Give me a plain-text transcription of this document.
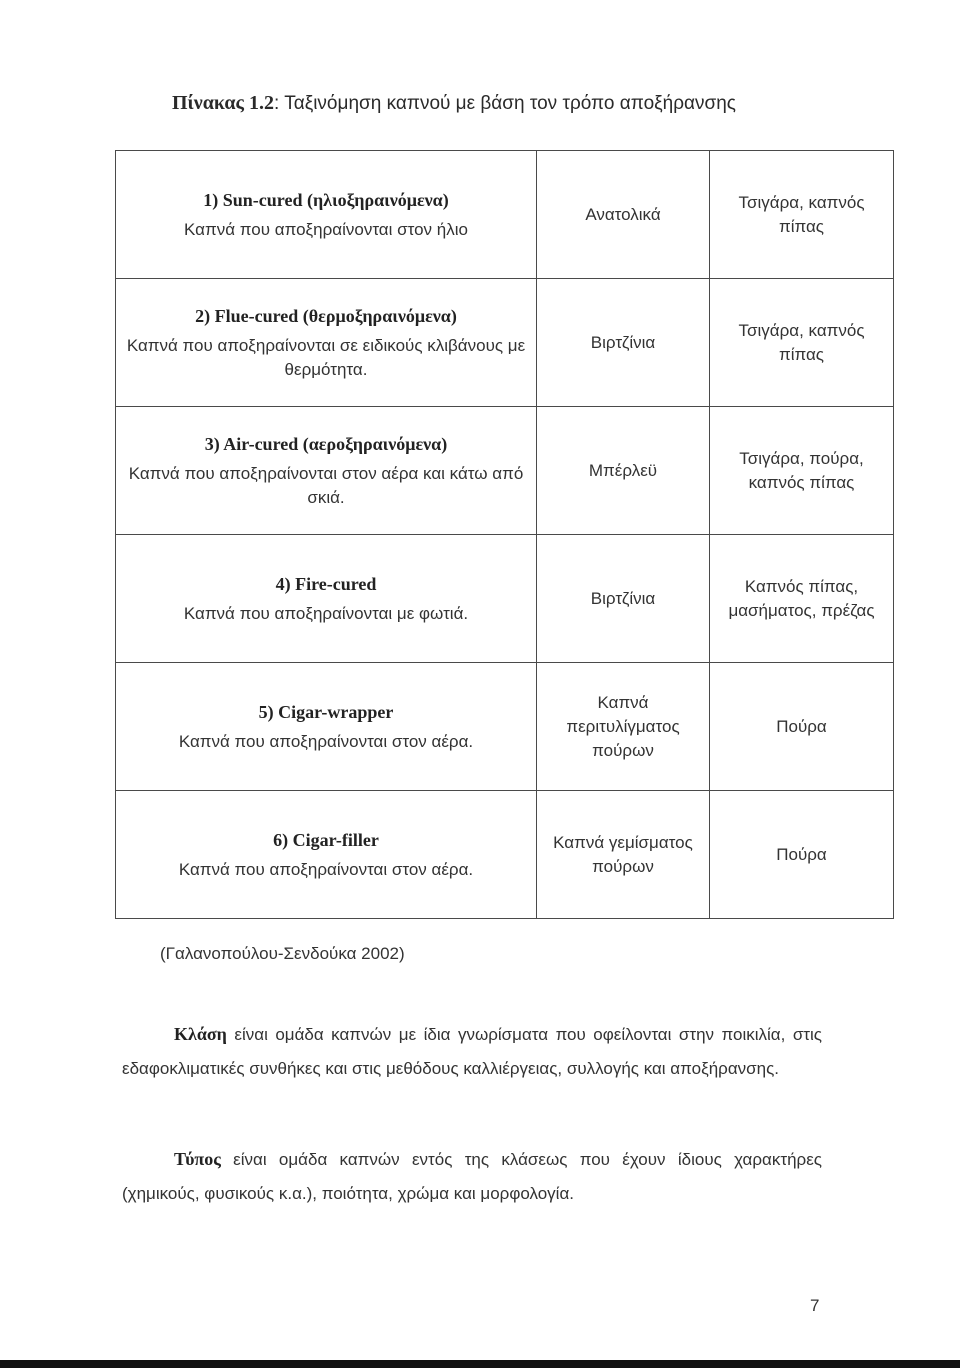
Πίνακας 1.2: Ταξινόμηση καπνού με βάση τον τρόπο αποξήρανσης
1) Sun-cured (ηλιοξηραινόμενα)
Καπνά που αποξηραίνονται στον ήλιο	Ανατολικά	Τσιγάρα, καπνός πίπας

2) Flue-cured (θερμοξηραινόμενα)
Καπνά που αποξηραίνονται σε ειδικούς κλιβάνους με θερμότητα.	Βιρτζίνια	Τσιγάρα, καπνός πίπας

3) Air-cured (αεροξηραινόμενα)
Καπνά που αποξηραίνονται στον αέρα και κάτω από σκιά.	Μπέρλεϋ	Τσιγάρα, πούρα, καπνός πίπας

4) Fire-cured
Καπνά που αποξηραίνονται με φωτιά.	Βιρτζίνια	Καπνός πίπας, μασήματος, πρέζας

5) Cigar-wrapper
Καπνά που αποξηραίνονται στον αέρα.	Καπνά περιτυλίγματος πούρων	Πούρα

6) Cigar-filler
Καπνά που αποξηραίνονται στον αέρα.	Καπνά γεμίσματος πούρων	Πούρα
(Γαλανοπούλου-Σενδούκα 2002)

Κλάση είναι ομάδα καπνών με ίδια γνωρίσματα που οφείλονται στην ποικιλία, στις εδαφοκλιματικές συνθήκες και στις μεθόδους καλλιέργειας, συλλογής και αποξήρανσης.

Τύπος είναι ομάδα καπνών εντός της κλάσεως που έχουν ίδιους χαρακτήρες (χημικούς, φυσικούς κ.α.), ποιότητα, χρώμα και μορφολογία.

7
